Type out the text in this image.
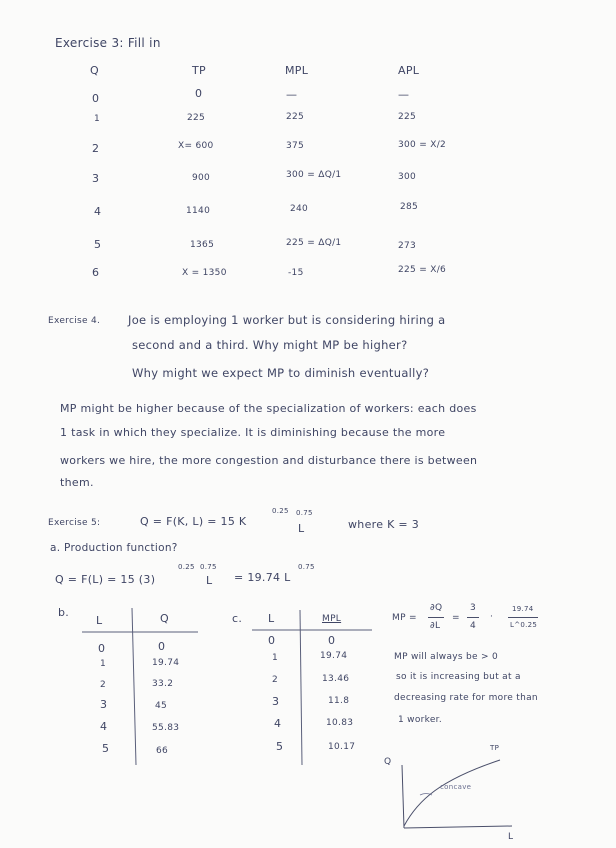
Exercise 3: Fill in
Q	TP	MPL	APL
0	0	—	—
1	225	225	225
2	X= 600	375	300 = X/2
3	900	300 = ΔQ/1	300
4	1140	240	285
5	1365	225 = ΔQ/1	273
6	X = 1350	-15	225 = X/6
Exercise 4. Joe is employing 1 worker but is considering hiring a
second and a third. Why might MP be higher?
Why might we expect MP to diminish eventually?
MP might be higher because of the specialization of workers: each does
1 task in which they specialize. It is diminishing because the more
workers we hire, the more congestion and disturbance there is between
them.
Exercise 5:	Q = F(K, L) = 15 K
0.25 0.75
L	where K = 3
a. Production function?
Q = F(L) = 15 (3)
0.25 0.75
L = 19.74 L
0.75
b.
L	Q
0	0
1	19.74
2	33.2
3	45
4	55.83
5	66
c. L	MPL
0	0
1	19.74
2	13.46
3	11.8
4	10.83
5	10.17
MP =
∂Q
∂L
=
3
4
·
19.74
L^0.25
MP will always be > 0
so it is increasing but at a
decreasing rate for more than
1 worker.
Q
TP
concave
L
